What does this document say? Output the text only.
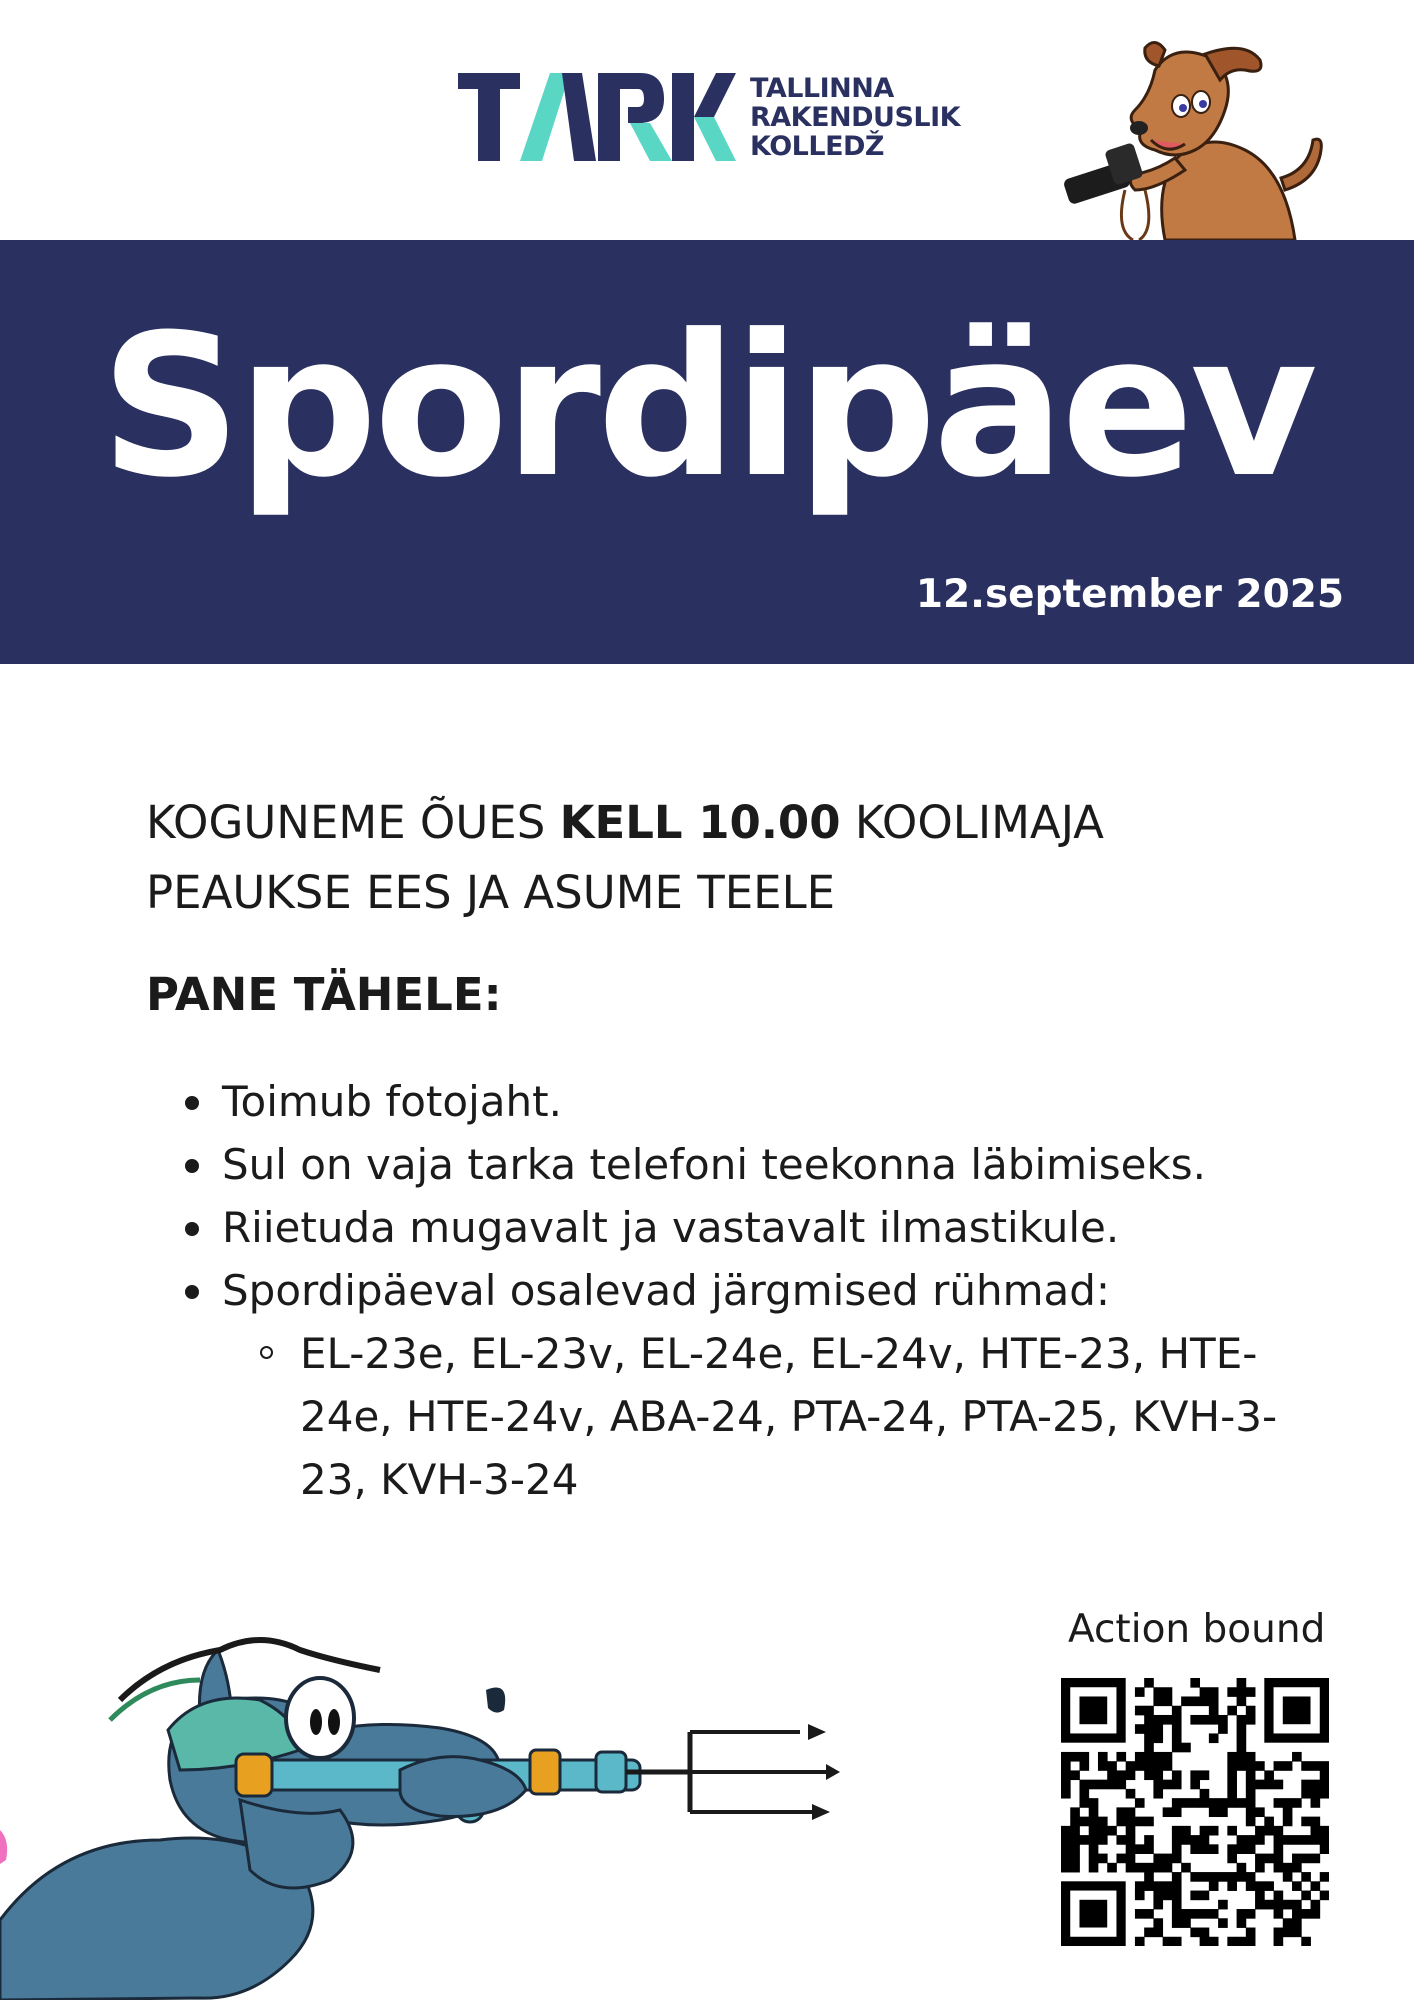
TALLINNA
RAKENDUSLIK
KOLLEDŽ
Spordipäev
12.september 2025
KOGUNEME ÕUES KELL 10.00 KOOLIMAJA PEAUKSE EES JA ASUME TEELE
PANE TÄHELE:
Toimub fotojaht.
Sul on vaja tarka telefoni teekonna läbimiseks.
Riietuda mugavalt ja vastavalt ilmastikule.
Spordipäeval osalevad järgmised rühmad:
EL-23e, EL-23v, EL-24e, EL-24v, HTE-23, HTE-24e, HTE-24v, ABA-24, PTA-24, PTA-25, KVH-3-23, KVH-3-24
Action bound
